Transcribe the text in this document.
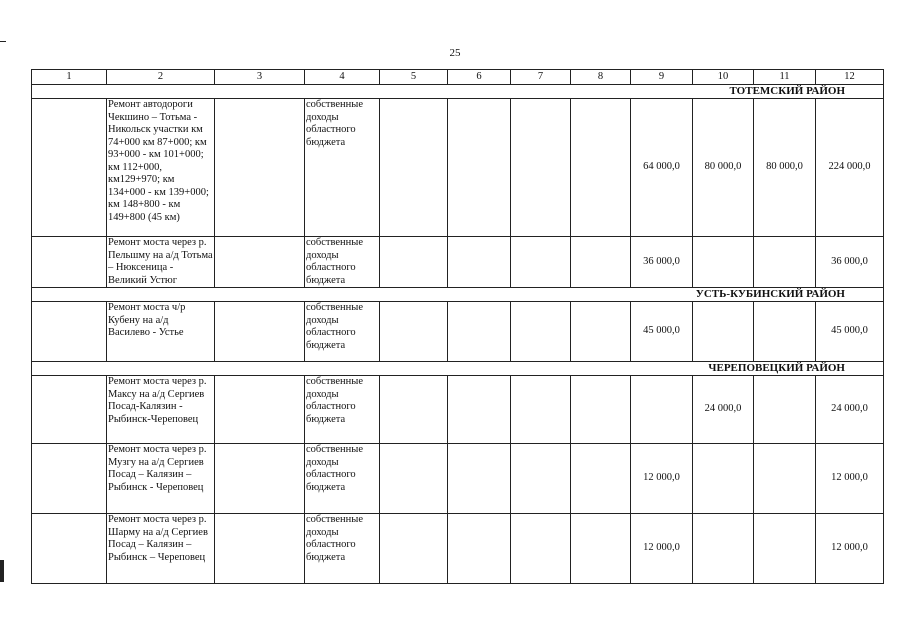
25
1	2	3	4	5	6	7	8	9	10	11	12
ТОТЕМСКИЙ РАЙОН											
	Ремонт автодороги Чекшино – Тотьма - Никольск участки км 74+000 км 87+000; км 93+000 - км 101+000; км 112+000, км129+970; км 134+000 - км 139+000; км 148+800 - км 149+800 (45 км)		собственные доходы областного бюджета					64 000,0	80 000,0	80 000,0	224 000,0
	Ремонт моста через р. Пельшму на а/д Тотьма – Нюксеница - Великий Устюг		собственные доходы областного бюджета					36 000,0			36 000,0
УСТЬ-КУБИНСКИЙ РАЙОН											
	Ремонт моста ч/р Кубену на а/д Василево - Устье		собственные доходы областного бюджета					45 000,0			45 000,0
ЧЕРЕПОВЕЦКИЙ РАЙОН											
	Ремонт моста через р. Максу на а/д Сергиев Посад-Калязин - Рыбинск-Череповец		собственные доходы областного бюджета						24 000,0		24 000,0
	Ремонт моста через р. Музгу на а/д Сергиев Посад – Калязин – Рыбинск - Череповец		собственные доходы областного бюджета					12 000,0			12 000,0
	Ремонт моста через р. Шарму на а/д Сергиев Посад – Калязин – Рыбинск – Череповец		собственные доходы областного бюджета					12 000,0			12 000,0
